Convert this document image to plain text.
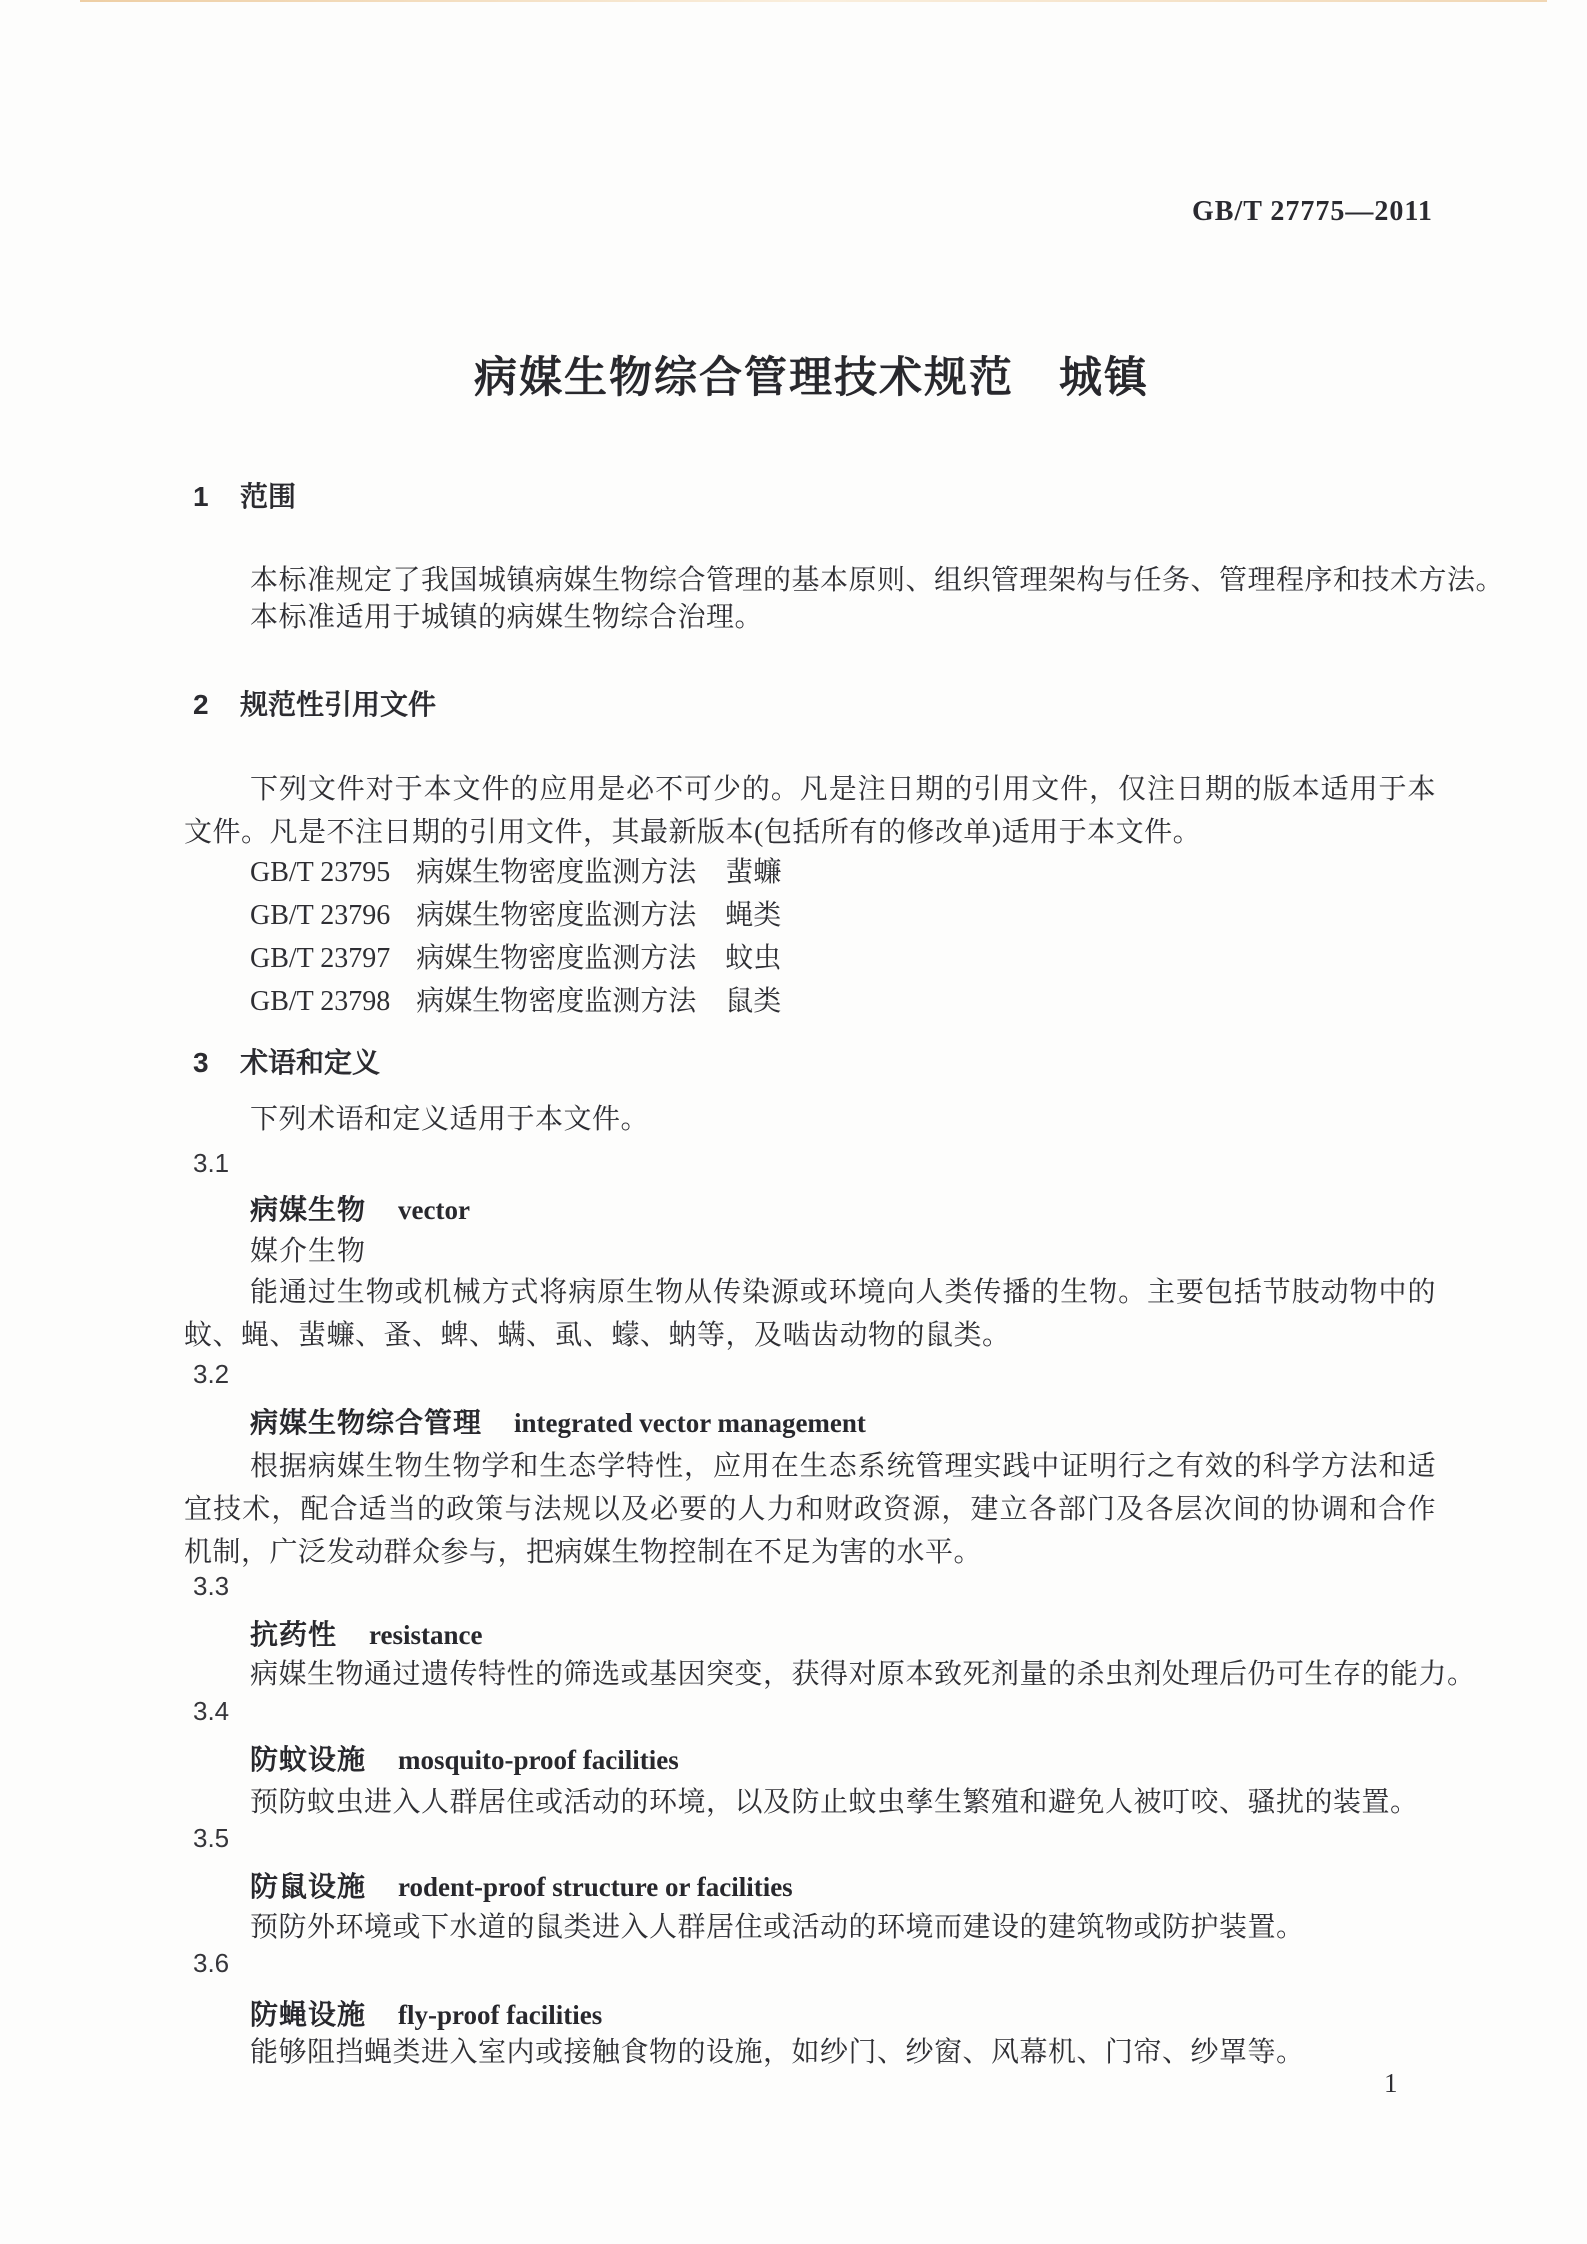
GB/T 27775—2011
病媒生物综合管理技术规范　城镇
1 范围

本标准规定了我国城镇病媒生物综合管理的基本原则、组织管理架构与任务、管理程序和技术方法。

本标准适用于城镇的病媒生物综合治理。

2 规范性引用文件

下列文件对于本文件的应用是必不可少的。凡是注日期的引用文件，仅注日期的版本适用于本文件。凡是不注日期的引用文件，其最新版本(包括所有的修改单)适用于本文件。

GB/T 23795 病媒生物密度监测方法 蜚蠊
GB/T 23796 病媒生物密度监测方法 蝇类
GB/T 23797 病媒生物密度监测方法 蚊虫
GB/T 23798 病媒生物密度监测方法 鼠类
3 术语和定义

下列术语和定义适用于本文件。

3.1
病媒生物 vector
媒介生物

能通过生物或机械方式将病原生物从传染源或环境向人类传播的生物。主要包括节肢动物中的蚊、蝇、蜚蠊、蚤、蜱、螨、虱、蠓、蚋等，及啮齿动物的鼠类。

3.2
病媒生物综合管理 integrated vector management

根据病媒生物生物学和生态学特性，应用在生态系统管理实践中证明行之有效的科学方法和适宜技术，配合适当的政策与法规以及必要的人力和财政资源，建立各部门及各层次间的协调和合作机制，广泛发动群众参与，把病媒生物控制在不足为害的水平。

3.3
抗药性 resistance

病媒生物通过遗传特性的筛选或基因突变，获得对原本致死剂量的杀虫剂处理后仍可生存的能力。

3.4
防蚊设施 mosquito-proof facilities

预防蚊虫进入人群居住或活动的环境，以及防止蚊虫孳生繁殖和避免人被叮咬、骚扰的装置。

3.5
防鼠设施 rodent-proof structure or facilities

预防外环境或下水道的鼠类进入人群居住或活动的环境而建设的建筑物或防护装置。

3.6
防蝇设施 fly-proof facilities

能够阻挡蝇类进入室内或接触食物的设施，如纱门、纱窗、风幕机、门帘、纱罩等。

1
